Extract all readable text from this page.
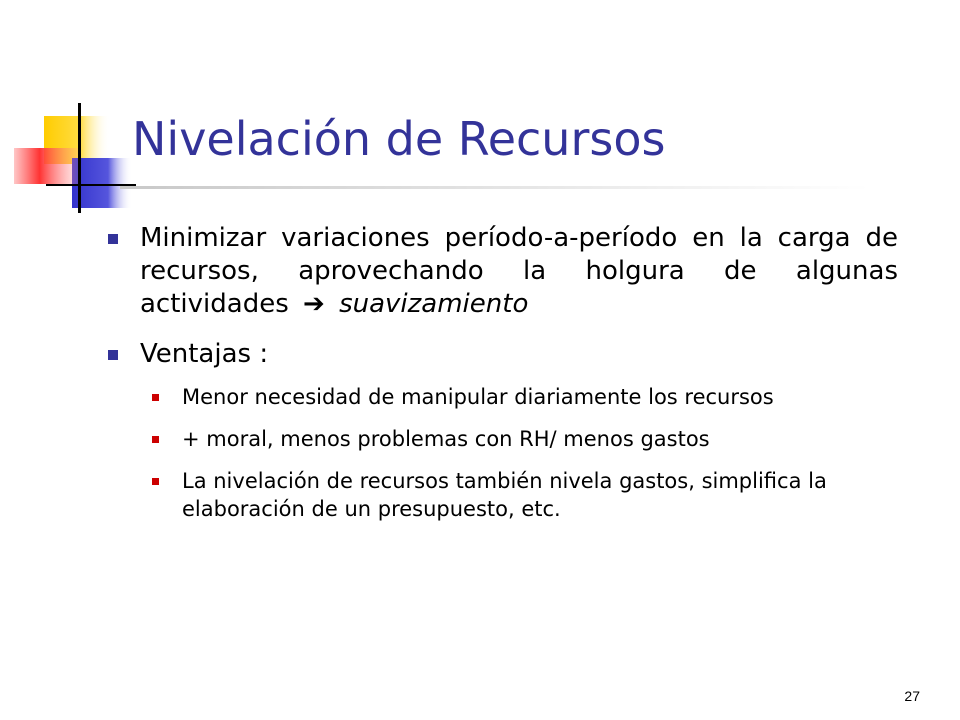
Nivelación de Recursos
Minimizar variaciones período-a-período en la carga de recursos, aprovechando la holgura de algunas actividades ➔ suavizamiento
Ventajas :
Menor necesidad de manipular diariamente los recursos
+ moral, menos problemas con RH/ menos gastos
La nivelación de recursos también nivela gastos, simplifica la elaboración de un presupuesto, etc.
27
